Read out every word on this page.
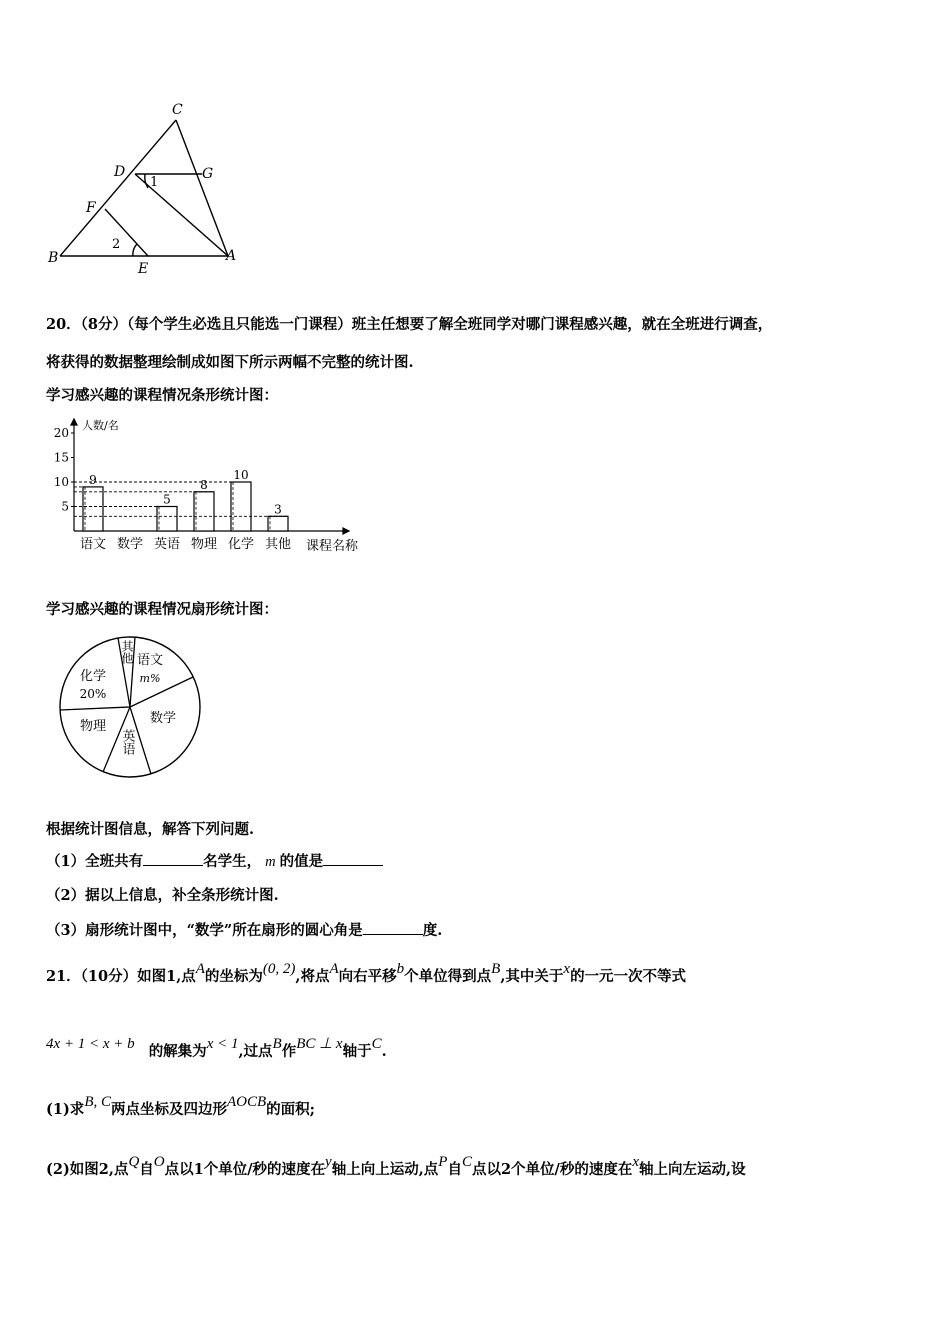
C
D	G
F
B
E
A
1
2
20．（8分）（每个学生必选且只能选一门课程）班主任想要了解全班同学对哪门课程感兴趣，就在全班进行调查，
将获得的数据整理绘制成如图下所示两幅不完整的统计图.
学习感兴趣的课程情况条形统计图：
人数/名
20
15
10
5
9
语文 数学
5
英语
8
物理
10
化学
3
其他 课程名称
学习感兴趣的课程情况扇形统计图：
其他 语文
m%
数学
英语
物理
化学
20%
根据统计图信息，解答下列问题.
（1）全班共有	名学生， m 的值是
（2）据以上信息，补全条形统计图.
（3）扇形统计图中，“数学”所在扇形的圆心角是	度.
21．（10分）如图1,点A的坐标为(0, 2),将点A向右平移b个单位得到点B,其中关于x的一元一次不等式
4x + 1 < x + b 的解集为x < 1,过点B作BC ⊥ x轴于C.
(1)求B, C两点坐标及四边形AOCB的面积;
(2)如图2,点Q自O点以1个单位/秒的速度在y轴上向上运动,点P自C点以2个单位/秒的速度在x轴上向左运动,设
